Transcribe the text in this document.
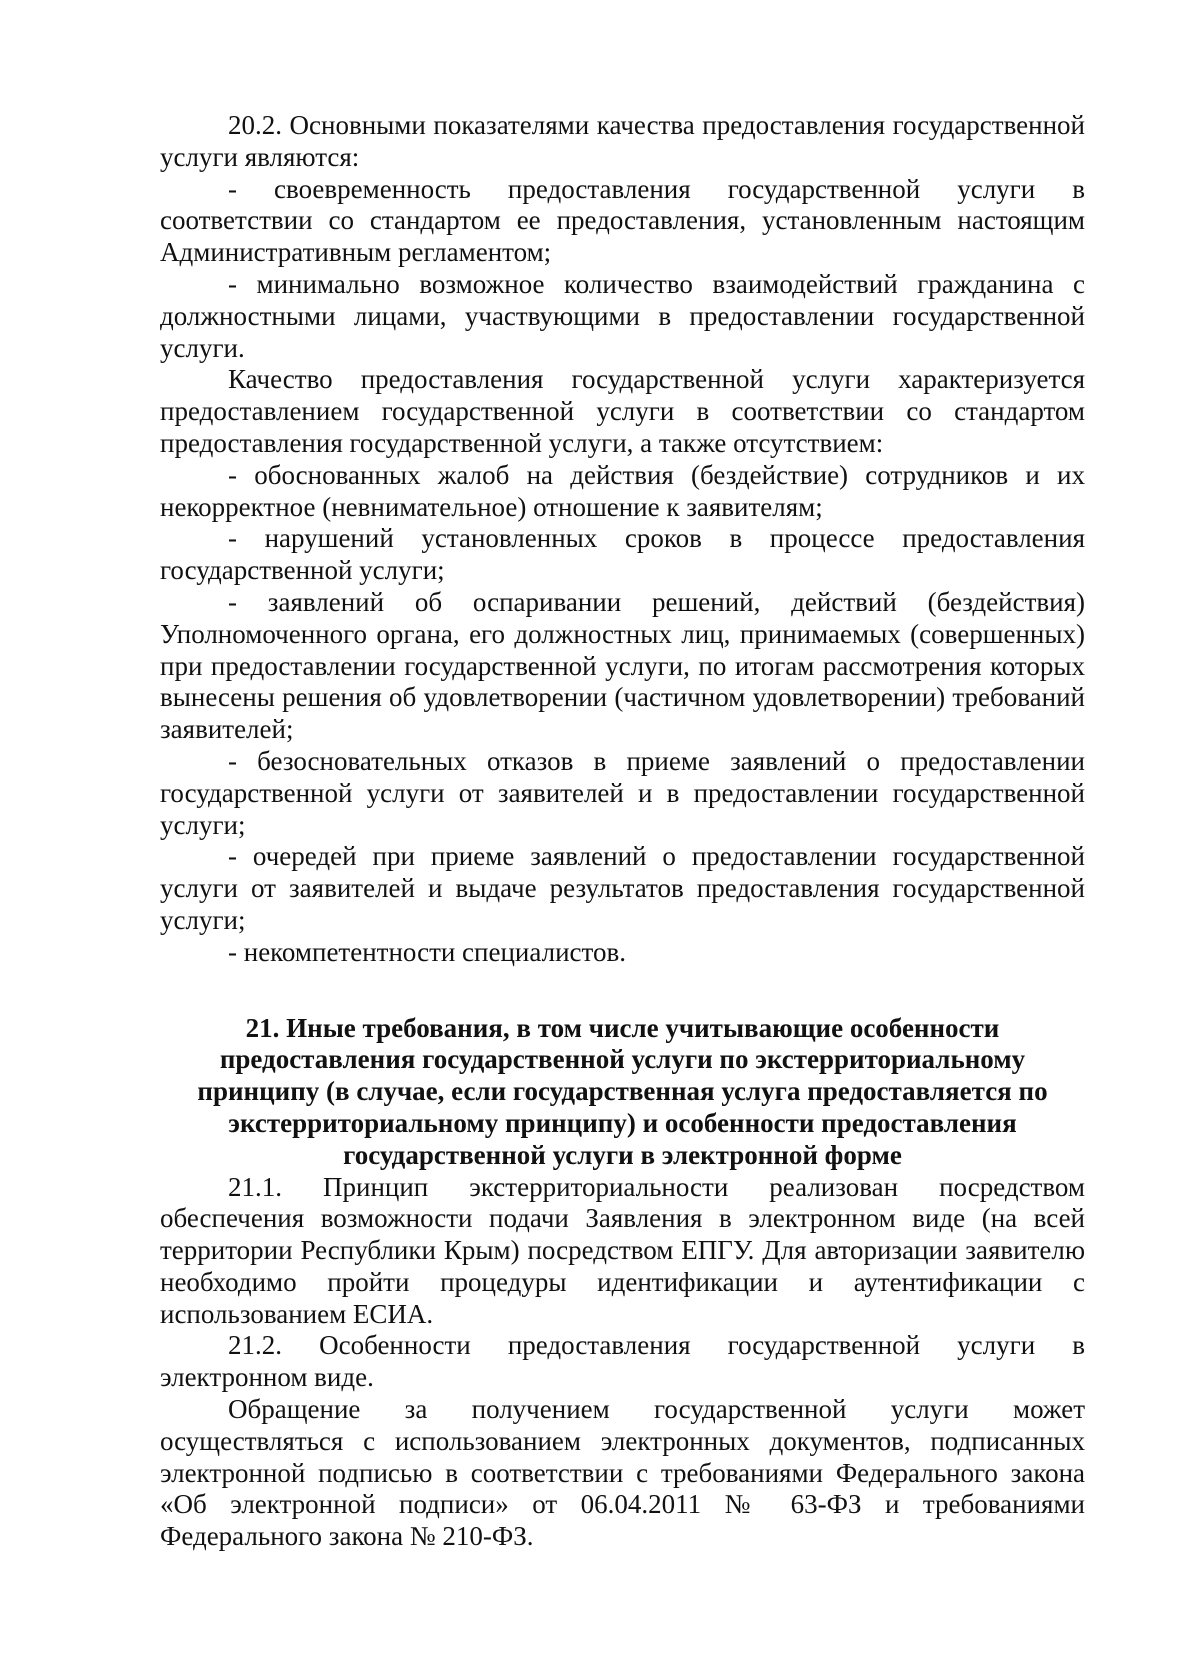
20.2. Основными показателями качества предоставления государственной услуги являются:

- своевременность предоставления государственной услуги в соответствии со стандартом ее предоставления, установленным настоящим Административным регламентом;

- минимально возможное количество взаимодействий гражданина с должностными лицами, участвующими в предоставлении государственной услуги.

Качество предоставления государственной услуги характеризуется предоставлением государственной услуги в соответствии со стандартом предоставления государственной услуги, а также отсутствием:

- обоснованных жалоб на действия (бездействие) сотрудников и их некорректное (невнимательное) отношение к заявителям;

- нарушений установленных сроков в процессе предоставления государственной услуги;

- заявлений об оспаривании решений, действий (бездействия) Уполномоченного органа, его должностных лиц, принимаемых (совершенных) при предоставлении государственной услуги, по итогам рассмотрения которых вынесены решения об удовлетворении (частичном удовлетворении) требований заявителей;

- безосновательных отказов в приеме заявлений о предоставлении государственной услуги от заявителей и в предоставлении государственной услуги;

- очередей при приеме заявлений о предоставлении государственной услуги от заявителей и выдаче результатов предоставления государственной услуги;

- некомпетентности специалистов.

21. Иные требования, в том числе учитывающие особенности предоставления государственной услуги по экстерриториальному принципу (в случае, если государственная услуга предоставляется по экстерриториальному принципу) и особенности предоставления государственной услуги в электронной форме

21.1. Принцип экстерриториальности реализован посредством обеспечения возможности подачи Заявления в электронном виде (на всей территории Республики Крым) посредством ЕПГУ. Для авторизации заявителю необходимо пройти процедуры идентификации и аутентификации с использованием ЕСИА.

21.2. Особенности предоставления государственной услуги в электронном виде.

Обращение за получением государственной услуги может осуществляться с использованием электронных документов, подписанных электронной подписью в соответствии с требованиями Федерального закона «Об электронной подписи» от 06.04.2011 № 63-ФЗ и требованиями Федерального закона № 210-ФЗ.
